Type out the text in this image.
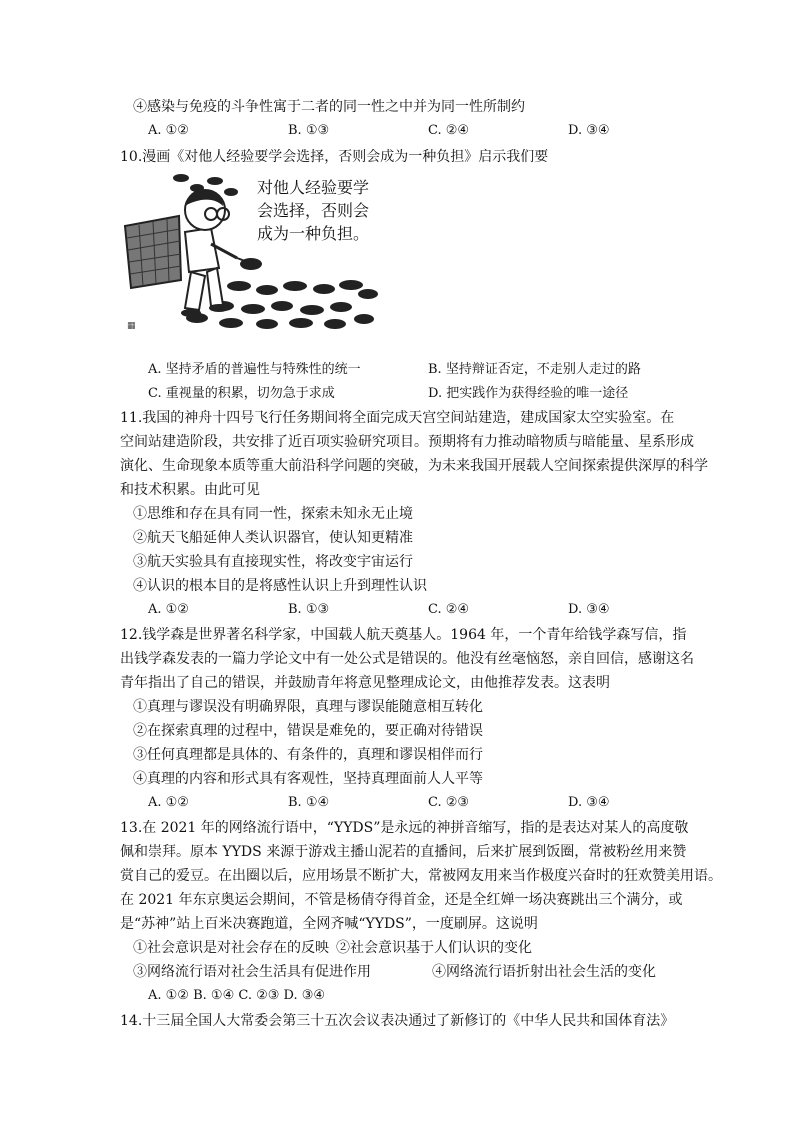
④感染与免疫的斗争性寓于二者的同一性之中并为同一性所制约
A. ①②	B. ①③	C. ②④	D. ③④
10.漫画《对他人经验要学会选择，否则会成为一种负担》启示我们要
▦
对他人经验要学
会选择，否则会
成为一种负担。
A. 坚持矛盾的普遍性与特殊性的统一	B. 坚持辩证否定，不走别人走过的路
C. 重视量的积累，切勿急于求成	D. 把实践作为获得经验的唯一途径
11.我国的神舟十四号飞行任务期间将全面完成天宫空间站建造，建成国家太空实验室。在
空间站建造阶段，共安排了近百项实验研究项目。预期将有力推动暗物质与暗能量、星系形成
演化、生命现象本质等重大前沿科学问题的突破，为未来我国开展载人空间探索提供深厚的科学
和技术积累。由此可见
①思维和存在具有同一性，探索未知永无止境
②航天飞船延伸人类认识器官，使认知更精准
③航天实验具有直接现实性，将改变宇宙运行
④认识的根本目的是将感性认识上升到理性认识
A. ①②	B. ①③	C. ②④	D. ③④
12.钱学森是世界著名科学家，中国载人航天奠基人。1964 年，一个青年给钱学森写信，指
出钱学森发表的一篇力学论文中有一处公式是错误的。他没有丝毫恼怒，亲自回信，感谢这名
青年指出了自己的错误，并鼓励青年将意见整理成论文，由他推荐发表。这表明
①真理与谬误没有明确界限，真理与谬误能随意相互转化
②在探索真理的过程中，错误是难免的，要正确对待错误
③任何真理都是具体的、有条件的，真理和谬误相伴而行
④真理的内容和形式具有客观性，坚持真理面前人人平等
A. ①②	B. ①④	C. ②③	D. ③④
13.在 2021 年的网络流行语中，“YYDS”是永远的神拼音缩写，指的是表达对某人的高度敬
佩和崇拜。原本 YYDS 来源于游戏主播山泥若的直播间，后来扩展到饭圈，常被粉丝用来赞
赏自己的爱豆。在出圈以后，应用场景不断扩大，常被网友用来当作极度兴奋时的狂欢赞美用语。
在 2021 年东京奥运会期间，不管是杨倩夺得首金，还是全红婵一场决赛跳出三个满分，或
是“苏神”站上百米决赛跑道，全网齐喊“YYDS”，一度刷屏。这说明
①社会意识是对社会存在的反映 ②社会意识基于人们认识的变化
③网络流行语对社会生活具有促进作用	④网络流行语折射出社会生活的变化
A. ①② B. ①④ C. ②③ D. ③④
14.十三届全国人大常委会第三十五次会议表决通过了新修订的《中华人民共和国体育法》
